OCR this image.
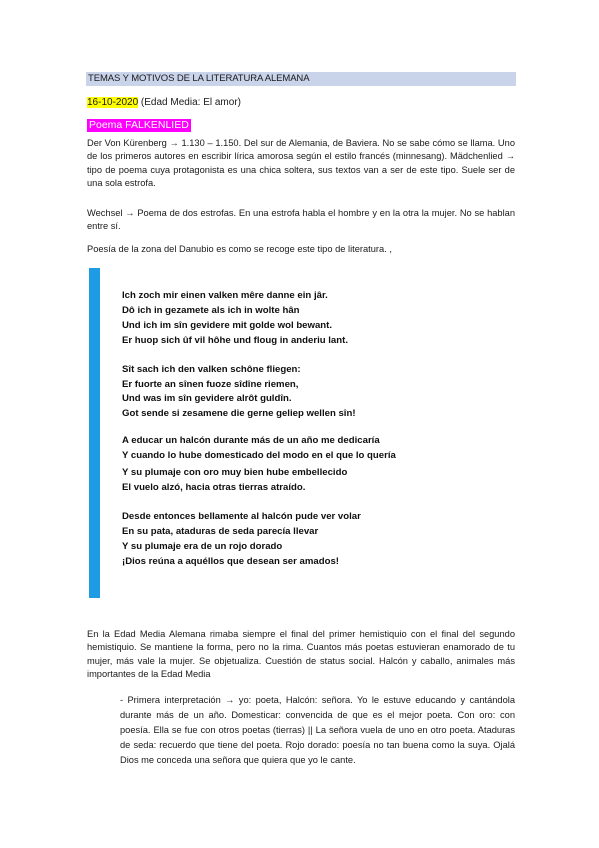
TEMAS Y MOTIVOS DE LA LITERATURA ALEMANA
16-10-2020 (Edad Media: El amor)
Poema FALKENLIED

Der Von Kürenberg → 1.130 – 1.150. Del sur de Alemania, de Baviera. No se sabe cómo se llama. Uno de los primeros autores en escribir lírica amorosa según el estilo francés (minnesang). Mädchenlied → tipo de poema cuya protagonista es una chica soltera, sus textos van a ser de este tipo. Suele ser de una sola estrofa.

Wechsel → Poema de dos estrofas. En una estrofa habla el hombre y en la otra la mujer. No se hablan entre sí.

Poesía de la zona del Danubio es como se recoge este tipo de literatura. ,

Ich zoch mir einen valken mêre danne ein jâr.
Dô ich in gezamete als ich in wolte hân
Und ich im sîn gevidere mit golde wol bewant.
Er huop sich ûf vil hôhe und floug in anderiu lant.
Sît sach ich den valken schône fliegen:
Er fuorte an sînen fuoze sîdîne riemen,
Und was im sîn gevidere alrôt guldîn.
Got sende si zesamene die gerne geliep wellen sîn!
A educar un halcón durante más de un año me dedicaría
Y cuando lo hube domesticado del modo en el que lo quería
Y su plumaje con oro muy bien hube embellecido
El vuelo alzó, hacia otras tierras atraído.
Desde entonces bellamente al halcón pude ver volar
En su pata, ataduras de seda parecía llevar
Y su plumaje era de un rojo dorado
¡Dios reúna a aquéllos que desean ser amados!

En la Edad Media Alemana rimaba siempre el final del primer hemistiquio con el final del segundo hemistiquio. Se mantiene la forma, pero no la rima. Cuantos más poetas estuvieran enamorado de tu mujer, más vale la mujer. Se objetualiza. Cuestión de status social. Halcón y caballo, animales más importantes de la Edad Media

- Primera interpretación → yo: poeta, Halcón: señora. Yo le estuve educando y cantándola durante más de un año. Domesticar: convencida de que es el mejor poeta. Con oro: con poesía. Ella se fue con otros poetas (tierras) || La señora vuela de uno en otro poeta. Ataduras de seda: recuerdo que tiene del poeta. Rojo dorado: poesía no tan buena como la suya. Ojalá Dios me conceda una señora que quiera que yo le cante.
